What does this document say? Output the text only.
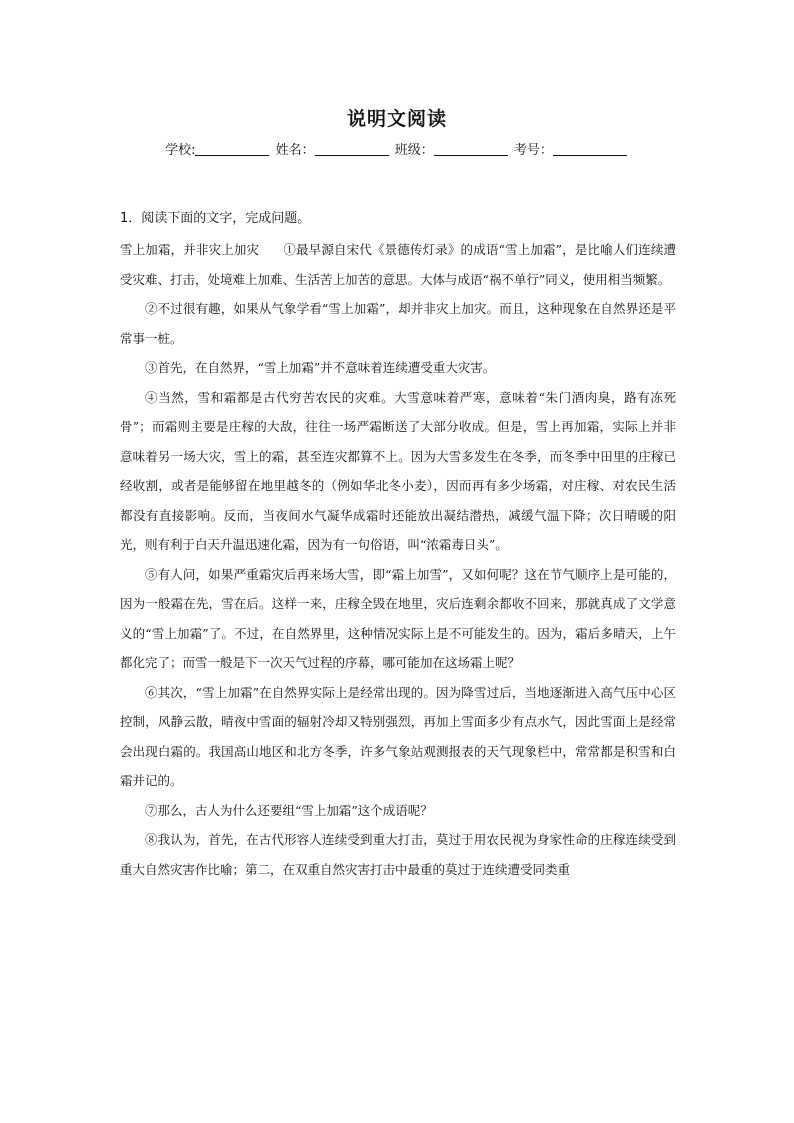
说明文阅读
学校:	姓名：	班级：	考号：
1．阅读下面的文字，完成问题。

雪上加霜，并非灾上加灾 ①最早源自宋代《景德传灯录》的成语“雪上加霜”，是比喻人们连续遭受灾难、打击，处境难上加难、生活苦上加苦的意思。大体与成语“祸不单行”同义，使用相当频繁。

②不过很有趣，如果从气象学看“雪上加霜”，却并非灾上加灾。而且，这种现象在自然界还是平常事一桩。

③首先，在自然界，“雪上加霜”并不意味着连续遭受重大灾害。

④当然，雪和霜都是古代穷苦农民的灾难。大雪意味着严寒，意味着“朱门酒肉臭，路有冻死骨”；而霜则主要是庄稼的大敌，往往一场严霜断送了大部分收成。但是，雪上再加霜，实际上并非意味着另一场大灾，雪上的霜，甚至连灾都算不上。因为大雪多发生在冬季，而冬季中田里的庄稼已经收割，或者是能够留在地里越冬的（例如华北冬小麦），因而再有多少场霜，对庄稼、对农民生活都没有直接影响。反而，当夜间水气凝华成霜时还能放出凝结潜热，减缓气温下降；次日晴暖的阳光，则有利于白天升温迅速化霜，因为有一句俗语，叫“浓霜毒日头”。

⑤有人问，如果严重霜灾后再来场大雪，即“霜上加雪”，又如何呢？这在节气顺序上是可能的，因为一般霜在先，雪在后。这样一来，庄稼全毁在地里，灾后连剩余都收不回来，那就真成了文学意义的“雪上加霜”了。不过，在自然界里，这种情况实际上是不可能发生的。因为，霜后多晴天，上午都化完了；而雪一般是下一次天气过程的序幕，哪可能加在这场霜上呢？

⑥其次，“雪上加霜”在自然界实际上是经常出现的。因为降雪过后，当地逐渐进入高气压中心区控制，风静云散，晴夜中雪面的辐射冷却又特别强烈，再加上雪面多少有点水气，因此雪面上是经常会出现白霜的。我国高山地区和北方冬季，许多气象站观测报表的天气现象栏中，常常都是积雪和白霜并记的。

⑦那么，古人为什么还要组“雪上加霜”这个成语呢？

⑧我认为，首先，在古代形容人连续受到重大打击，莫过于用农民视为身家性命的庄稼连续受到重大自然灾害作比喻；第二，在双重自然灾害打击中最重的莫过于连续遭受同类重
